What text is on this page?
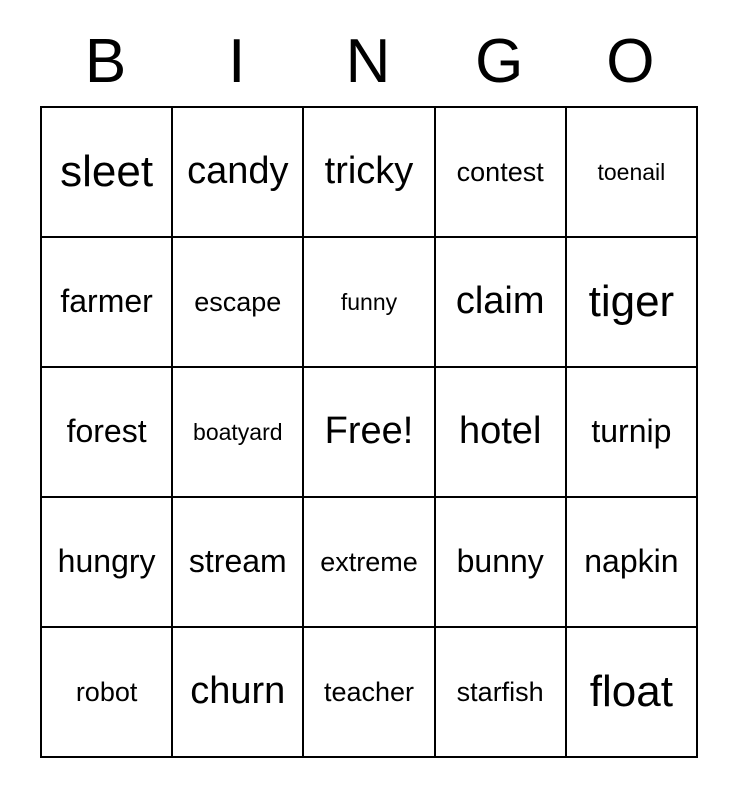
B	I	N	G	O
sleet candy tricky contest toenail
farmer escape	funny claim tiger
forest boatyard Free! hotel turnip
hungry stream extreme bunny napkin
robot churn teacher starfish float
